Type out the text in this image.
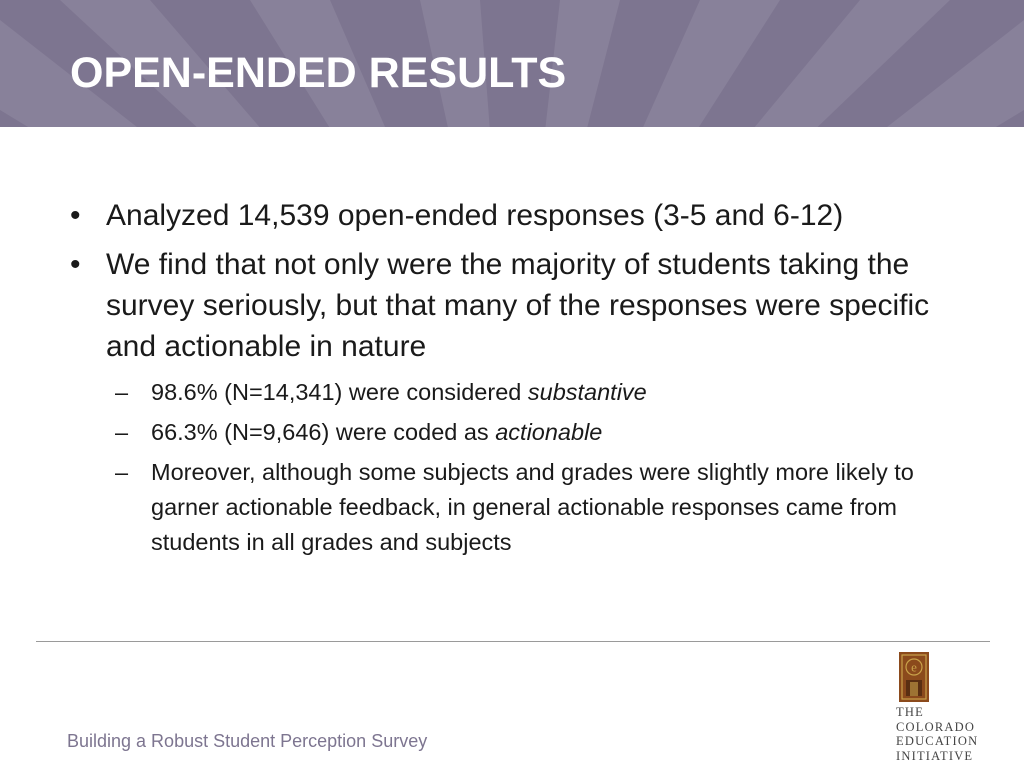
OPEN-ENDED RESULTS
• Analyzed 14,539 open-ended responses (3-5 and 6-12)
• We find that not only were the majority of students taking the survey seriously, but that many of the responses were specific and actionable in nature
– 98.6% (N=14,341) were considered substantive
– 66.3% (N=9,646) were coded as actionable
– Moreover, although some subjects and grades were slightly more likely to garner actionable feedback, in general actionable responses came from students in all grades and subjects
Building a Robust Student Perception Survey
e
THE
COLORADO
EDUCATION
INITIATIVE
